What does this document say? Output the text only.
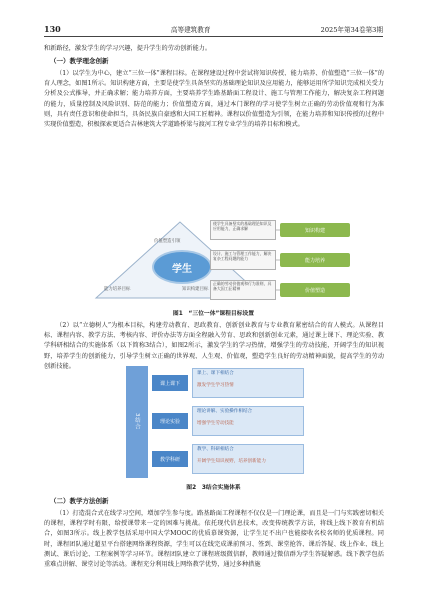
130	高等建筑教育	2025年第34卷第3期

和新路径，激发学生的学习兴趣，提升学生的劳动创新能力。

（一）教学理念创新

（1）以学生为中心，建立“三位一体”课程目标。在课程建设过程中尝试将知识传授、能力培养、价值塑造“三位一体”的育人理念，如图1所示。知识构建方面，主要是使学生具备坚实的基础理论知识及应用能力，能够运用所学知识完成相关受力分析及公式推导，并正确求解；能力培养方面，主要培养学生路基路面工程设计、施工与管理工作能力，解决复杂工程问题的能力，质量控制及风险识别、防范的能力；价值塑造方面，通过本门课程的学习使学生树立正确的劳动价值观和行为准则，具有责任意识和使命担当，具备民族自豪感和大国工匠精神。课程以价值塑造为引领，在能力培养和知识传授的过程中实现价值塑造，积极探索更适合吉林建筑大学道路桥梁与渡河工程专业学生的培养目标和模式。

价值塑造引领
能力培养目标	知识构建目标
学生
使学生具备坚实的基础理论知识及应用能力，正确求解
设计、施工与管理工作能力，解决复杂工程问题的能力
正确的劳动价值观和行为准则，具备大国工匠精神
知识构建
能力培养
价值塑造
图1　“三位一体”课程目标设置

（2）以“立德树人”为根本目标，构建劳动教育、思政教育、创新创业教育与专业教育紧密结合的育人模式。从课程目标、课程内容、教学方法、考核内容、评价办法等方面全程融入劳育、思政和创新创业元素，通过课上课下、理论实验、教学科研相结合的实施体系（以下简称3结合），如图2所示，激发学生的学习热情，增强学生的劳动技能，开阔学生的知识视野，培养学生的创新能力，引导学生树立正确的世界观、人生观、价值观，塑造学生良好的劳动精神面貌，提高学生的劳动创新技能。

3结合
课上课下
课上、课下相结合
激发学生学习热情
理论实验
理论讲解、实验操作相结合
增强学生劳动技能
教学科研
教学、科研相结合
开阔学生知识视野，培养创新能力
图2　3结合实施体系

（二）教学方法创新

（1）打造混合式在线学习空间，增加学生参与度。路基路面工程课程不仅仅是一门理论课，而且是一门与实践密切相关的课程，课程学时有限，给授课带来一定的困难与挑战。依托现代信息技术，改变传统教学方法，将线上线下教育有机结合，如图3所示。线上教学包括采用中国大学MOOC的优质慕课资源，让学生足不出户也能接收名校名师的优质课程。同时，课程团队通过超星平台搭建网络课程资源，学生可以在线完成课前预习、签到、课堂抢答、课后答疑、线上作业、线上测试、课后讨论、工程案例等学习环节。课程团队建立了课程班级微信群，教师通过微信群为学生答疑解惑。线下教学包括重难点讲解、课堂讨论等活动。课程充分利用线上网络教学优势，通过多种措施
